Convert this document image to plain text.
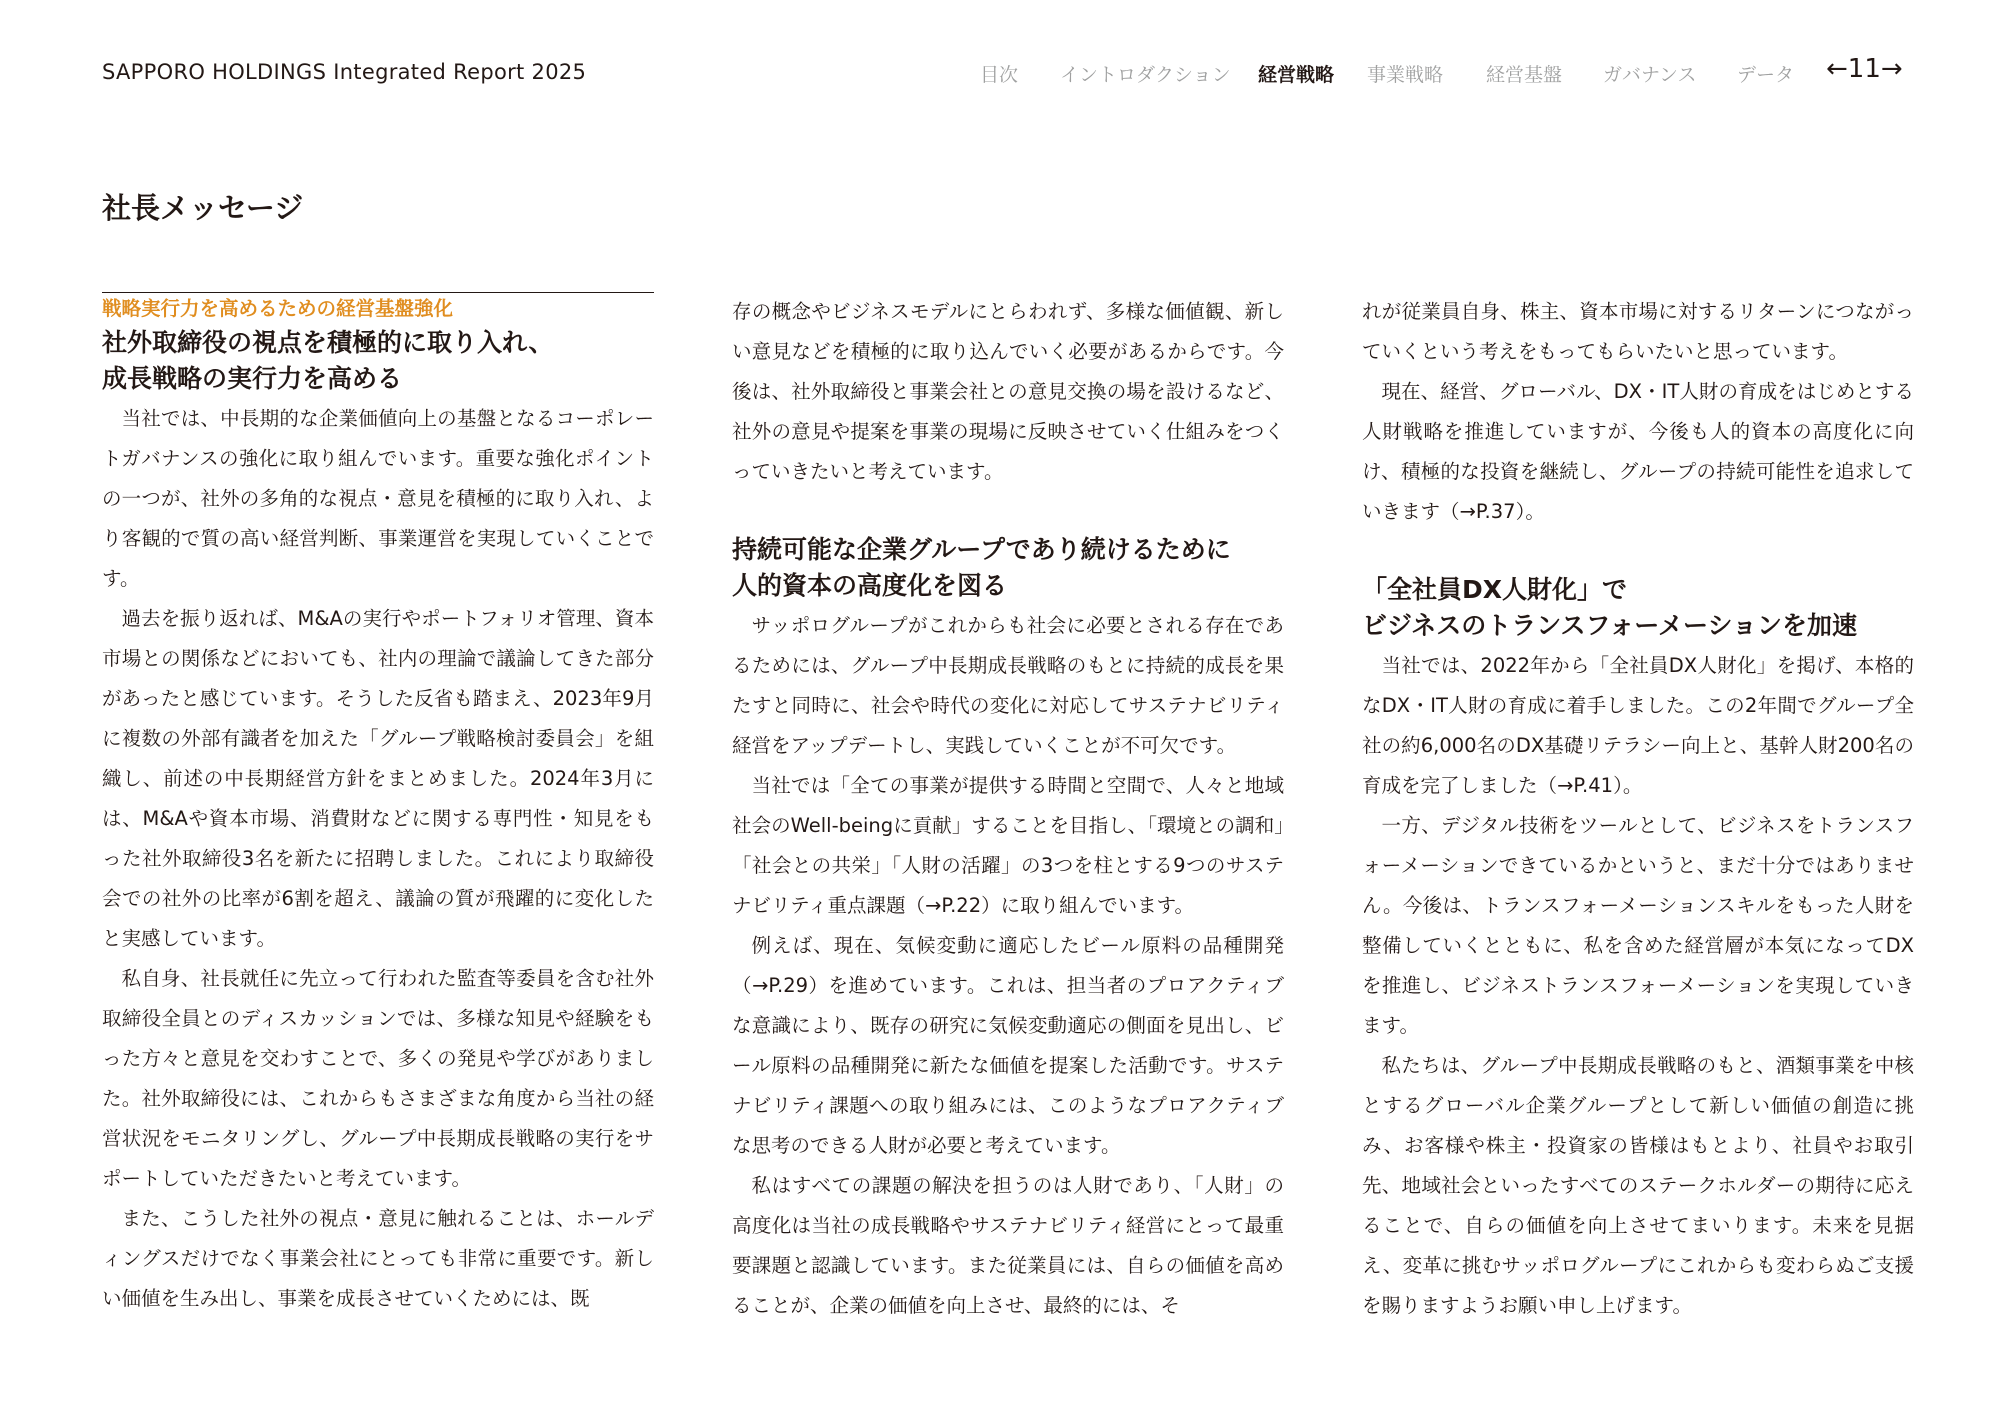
SAPPORO HOLDINGS Integrated Report 2025	目次 イントロダクション 経営戦略 事業戦略 経営基盤 ガバナンス データ ←11→
社長メッセージ
戦略実行力を高めるための経営基盤強化
社外取締役の視点を積極的に取り入れ、
成長戦略の実行力を高める

当社では、中長期的な企業価値向上の基盤となるコーポレートガバナンスの強化に取り組んでいます。重要な強化ポイントの一つが、社外の多角的な視点・意見を積極的に取り入れ、より客観的で質の高い経営判断、事業運営を実現していくことです。

過去を振り返れば、M&Aの実行やポートフォリオ管理、資本市場との関係などにおいても、社内の理論で議論してきた部分があったと感じています。そうした反省も踏まえ、2023年9月に複数の外部有識者を加えた「グループ戦略検討委員会」を組織し、前述の中長期経営方針をまとめました。2024年3月には、M&Aや資本市場、消費財などに関する専門性・知見をもった社外取締役3名を新たに招聘しました。これにより取締役会での社外の比率が6割を超え、議論の質が飛躍的に変化したと実感しています。

私自身、社長就任に先立って行われた監査等委員を含む社外取締役全員とのディスカッションでは、多様な知見や経験をもった方々と意見を交わすことで、多くの発見や学びがありました。社外取締役には、これからもさまざまな角度から当社の経営状況をモニタリングし、グループ中長期成長戦略の実行をサポートしていただきたいと考えています。

また、こうした社外の視点・意見に触れることは、ホールディングスだけでなく事業会社にとっても非常に重要です。新しい価値を生み出し、事業を成長させていくためには、既

存の概念やビジネスモデルにとらわれず、多様な価値観、新しい意見などを積極的に取り込んでいく必要があるからです。今後は、社外取締役と事業会社との意見交換の場を設けるなど、社外の意見や提案を事業の現場に反映させていく仕組みをつくっていきたいと考えています。

持続可能な企業グループであり続けるために
人的資本の高度化を図る

サッポログループがこれからも社会に必要とされる存在であるためには、グループ中長期成長戦略のもとに持続的成長を果たすと同時に、社会や時代の変化に対応してサステナビリティ経営をアップデートし、実践していくことが不可欠です。

当社では「全ての事業が提供する時間と空間で、人々と地域社会のWell-beingに貢献」することを目指し、「環境との調和」「社会との共栄」「人財の活躍」の3つを柱とする9つのサステナビリティ重点課題（→P.22）に取り組んでいます。

例えば、現在、気候変動に適応したビール原料の品種開発（→P.29）を進めています。これは、担当者のプロアクティブな意識により、既存の研究に気候変動適応の側面を見出し、ビール原料の品種開発に新たな価値を提案した活動です。サステナビリティ課題への取り組みには、このようなプロアクティブな思考のできる人財が必要と考えています。

私はすべての課題の解決を担うのは人財であり、「人財」の高度化は当社の成長戦略やサステナビリティ経営にとって最重要課題と認識しています。また従業員には、自らの価値を高めることが、企業の価値を向上させ、最終的には、そ

れが従業員自身、株主、資本市場に対するリターンにつながっていくという考えをもってもらいたいと思っています。

現在、経営、グローバル、DX・IT人財の育成をはじめとする人財戦略を推進していますが、今後も人的資本の高度化に向け、積極的な投資を継続し、グループの持続可能性を追求していきます（→P.37）。

「全社員DX人財化」で
ビジネスのトランスフォーメーションを加速

当社では、2022年から「全社員DX人財化」を掲げ、本格的なDX・IT人財の育成に着手しました。この2年間でグループ全社の約6,000名のDX基礎リテラシー向上と、基幹人財200名の育成を完了しました（→P.41）。

一方、デジタル技術をツールとして、ビジネスをトランスフォーメーションできているかというと、まだ十分ではありません。今後は、トランスフォーメーションスキルをもった人財を整備していくとともに、私を含めた経営層が本気になってDXを推進し、ビジネストランスフォーメーションを実現していきます。

私たちは、グループ中長期成長戦略のもと、酒類事業を中核とするグローバル企業グループとして新しい価値の創造に挑み、お客様や株主・投資家の皆様はもとより、社員やお取引先、地域社会といったすべてのステークホルダーの期待に応えることで、自らの価値を向上させてまいります。未来を見据え、変革に挑むサッポログループにこれからも変わらぬご支援を賜りますようお願い申し上げます。
